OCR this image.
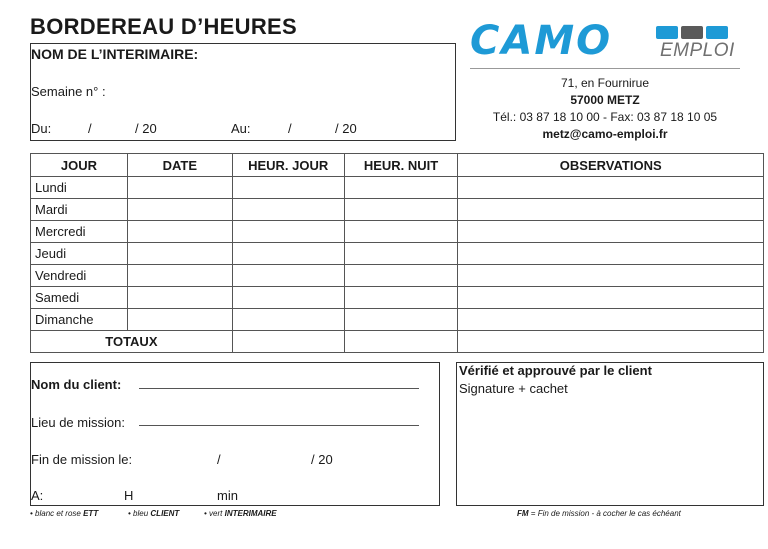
BORDEREAU D’HEURES
NOM DE L’INTERIMAIRE:
Semaine n° :
Du:	/	/ 20	Au:	/	/ 20
CAMO	EMPLOI
71, en Fournirue
57000 METZ
Tél.: 03 87 18 10 00 - Fax: 03 87 18 10 05
metz@camo-emploi.fr
JOUR	DATE	HEUR. JOUR	HEUR. NUIT	OBSERVATIONS
Lundi				
Mardi				
Mercredi				
Jeudi				
Vendredi				
Samedi				
Dimanche				
TOTAUX				
Nom du client:
Lieu de mission:
Fin de mission le:	/	/ 20
A:	H	min
Vérifié et approuvé par le client
Signature + cachet
• blanc et rose ETT	• bleu CLIENT	• vert INTERIMAIRE	FM = Fin de mission - à cocher le cas échéant
